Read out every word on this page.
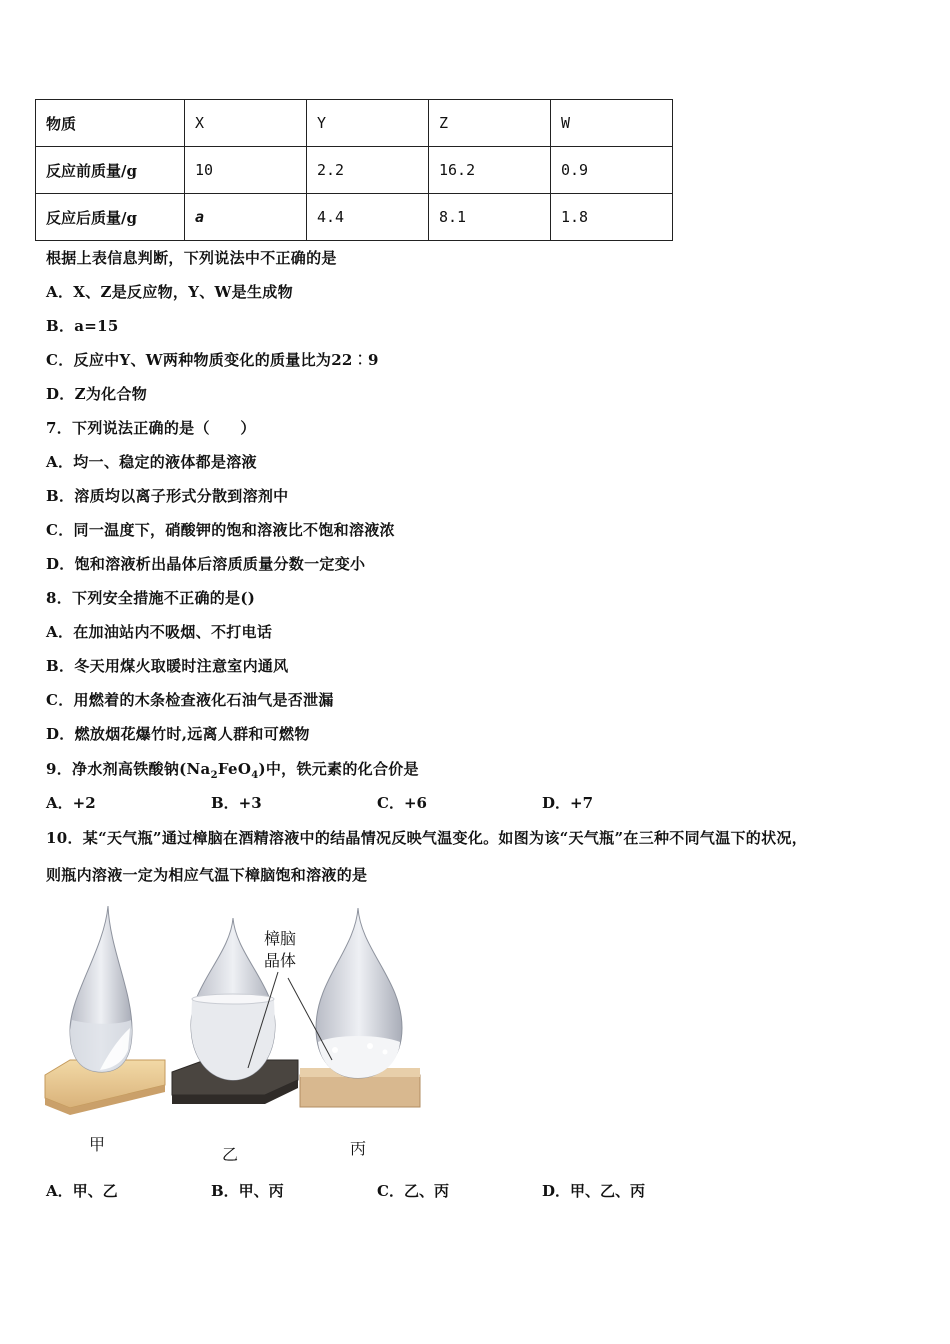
物质	X	Y	Z	W
反应前质量/g	10	2.2	16.2	0.9
反应后质量/g	a	4.4	8.1	1.8
根据上表信息判断，下列说法中不正确的是
A．X、Z是反应物，Y、W是生成物
B．a=15
C．反应中Y、W两种物质变化的质量比为22︰9
D．Z为化合物
7．下列说法正确的是（　　）
A．均一、稳定的液体都是溶液
B．溶质均以离子形式分散到溶剂中
C．同一温度下，硝酸钾的饱和溶液比不饱和溶液浓
D．饱和溶液析出晶体后溶质质量分数一定变小
8．下列安全措施不正确的是()
A．在加油站内不吸烟、不打电话
B．冬天用煤火取暖时注意室内通风
C．用燃着的木条检查液化石油气是否泄漏
D．燃放烟花爆竹时,远离人群和可燃物
9．净水剂高铁酸钠$(Na_2FeO_4)$中，铁元素的化合价是
A．+2	B．+3	C．+6	D．+7
10．某“天气瓶”通过樟脑在酒精溶液中的结晶情况反映气温变化。如图为该“天气瓶”在三种不同气温下的状况，
则瓶内溶液一定为相应气温下樟脑饱和溶液的是
樟脑
晶体
甲
乙	丙
A．甲、乙	B．甲、丙	C．乙、丙	D．甲、乙、丙
